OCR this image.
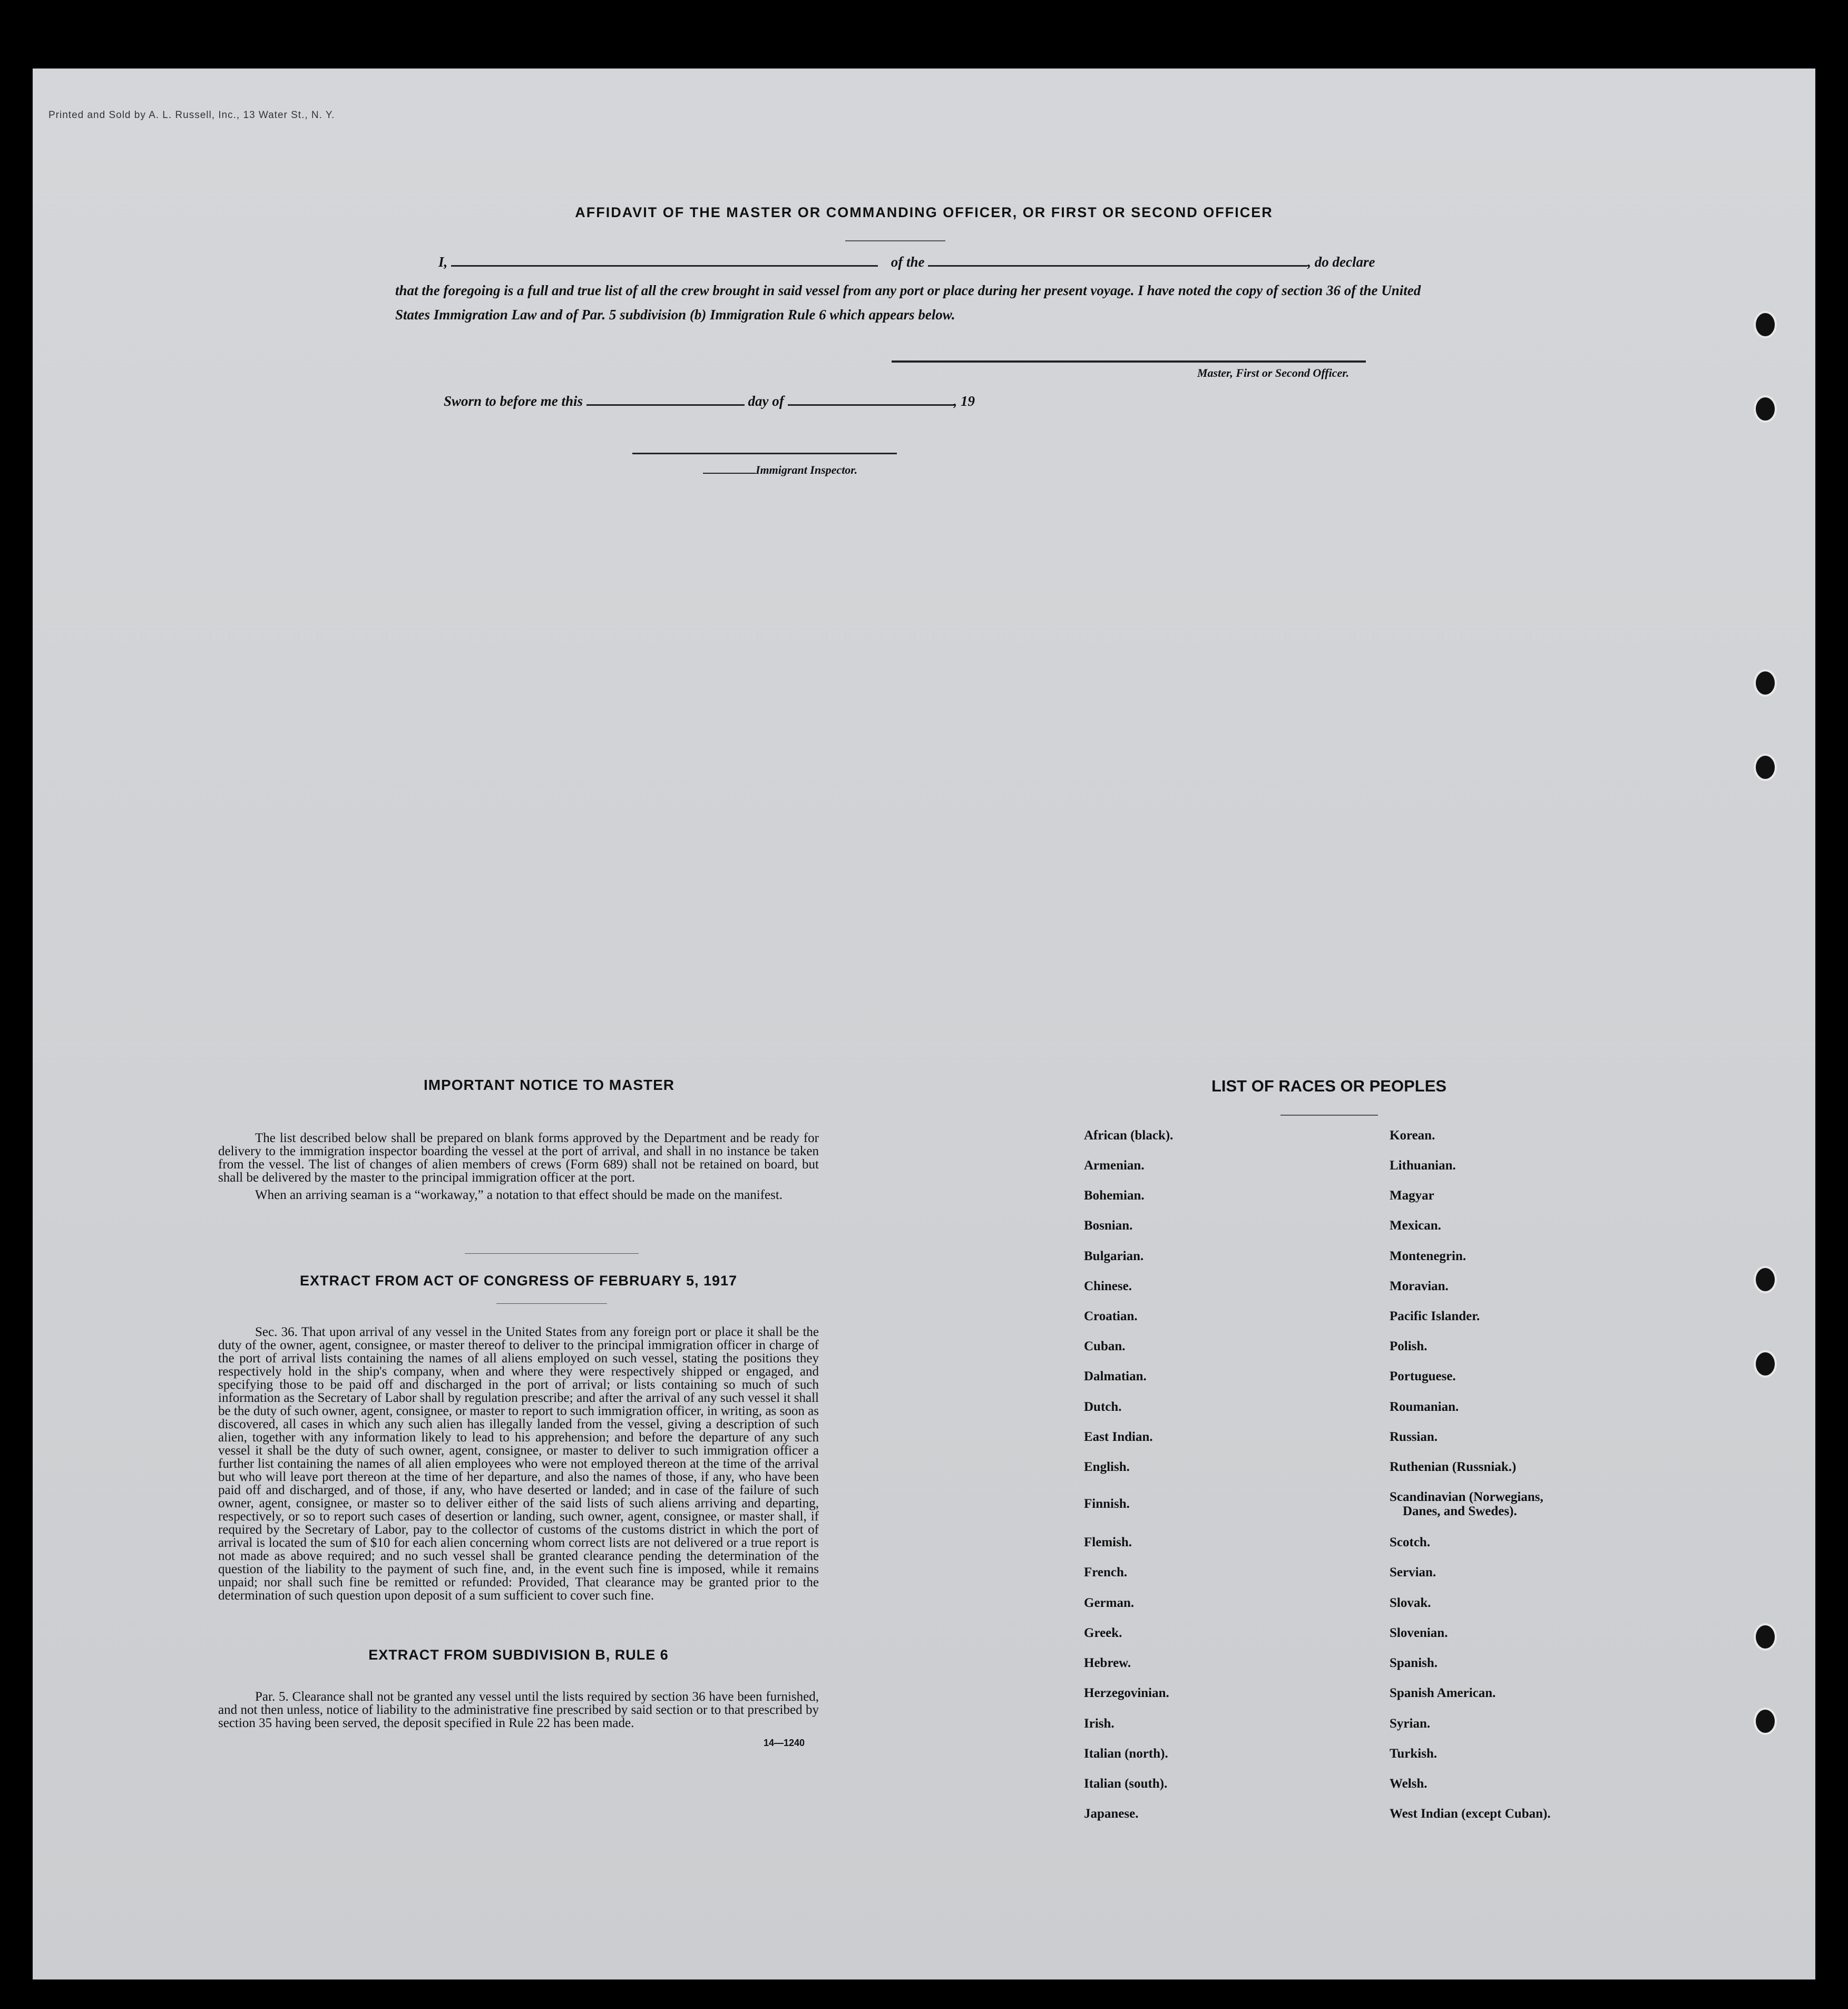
Printed and Sold by A. L. Russell, Inc., 13 Water St., N. Y.
AFFIDAVIT OF THE MASTER OR COMMANDING OFFICER, OR FIRST OR SECOND OFFICER
I,	of the	, do declare
that the foregoing is a full and true list of all the crew brought in said vessel from any port or place during her present voyage. I have noted the copy of section 36 of the United States Immigration Law and of Par. 5 subdivision (b) Immigration Rule 6 which appears below.
Master, First or Second Officer.
Sworn to before me this	day of	, 19
Immigrant Inspector.
IMPORTANT NOTICE TO MASTER

The list described below shall be prepared on blank forms approved by the Department and be ready for delivery to the immigration inspector boarding the vessel at the port of arrival, and shall in no instance be taken from the vessel. The list of changes of alien members of crews (Form 689) shall not be retained on board, but shall be delivered by the master to the principal immigration officer at the port.

When an arriving seaman is a “workaway,” a notation to that effect should be made on the manifest.

EXTRACT FROM ACT OF CONGRESS OF FEBRUARY 5, 1917

Sec. 36. That upon arrival of any vessel in the United States from any foreign port or place it shall be the duty of the owner, agent, consignee, or master thereof to deliver to the principal immigration officer in charge of the port of arrival lists containing the names of all aliens employed on such vessel, stating the positions they respectively hold in the ship's company, when and where they were respectively shipped or engaged, and specifying those to be paid off and discharged in the port of arrival; or lists containing so much of such information as the Secretary of Labor shall by regulation prescribe; and after the arrival of any such vessel it shall be the duty of such owner, agent, consignee, or master to report to such immigration officer, in writing, as soon as discovered, all cases in which any such alien has illegally landed from the vessel, giving a description of such alien, together with any information likely to lead to his apprehension; and before the departure of any such vessel it shall be the duty of such owner, agent, consignee, or master to deliver to such immigration officer a further list containing the names of all alien employees who were not employed thereon at the time of the arrival but who will leave port thereon at the time of her departure, and also the names of those, if any, who have been paid off and discharged, and of those, if any, who have deserted or landed; and in case of the failure of such owner, agent, consignee, or master so to deliver either of the said lists of such aliens arriving and departing, respectively, or so to report such cases of desertion or landing, such owner, agent, consignee, or master shall, if required by the Secretary of Labor, pay to the collector of customs of the customs district in which the port of arrival is located the sum of $10 for each alien concerning whom correct lists are not delivered or a true report is not made as above required; and no such vessel shall be granted clearance pending the determination of the question of the liability to the payment of such fine, and, in the event such fine is imposed, while it remains unpaid; nor shall such fine be remitted or refunded: Provided, That clearance may be granted prior to the determination of such question upon deposit of a sum sufficient to cover such fine.

EXTRACT FROM SUBDIVISION B, RULE 6

Par. 5. Clearance shall not be granted any vessel until the lists required by section 36 have been furnished, and not then unless, notice of liability to the administrative fine prescribed by said section or to that prescribed by section 35 having been served, the deposit specified in Rule 22 has been made.

14—1240
LIST OF RACES OR PEOPLES
African (black).
Armenian.
Bohemian.
Bosnian.
Bulgarian.
Chinese.
Croatian.
Cuban.
Dalmatian.
Dutch.
East Indian.
English.
Finnish.
Flemish.
French.
German.
Greek.
Hebrew.
Herzegovinian.
Irish.
Italian (north).
Italian (south).
Japanese.
Korean.
Lithuanian.
Magyar
Mexican.
Montenegrin.
Moravian.
Pacific Islander.
Polish.
Portuguese.
Roumanian.
Russian.
Ruthenian (Russniak.)
Scandinavian (Norwegians,
Danes, and Swedes).
Scotch.
Servian.
Slovak.
Slovenian.
Spanish.
Spanish American.
Syrian.
Turkish.
Welsh.
West Indian (except Cuban).
